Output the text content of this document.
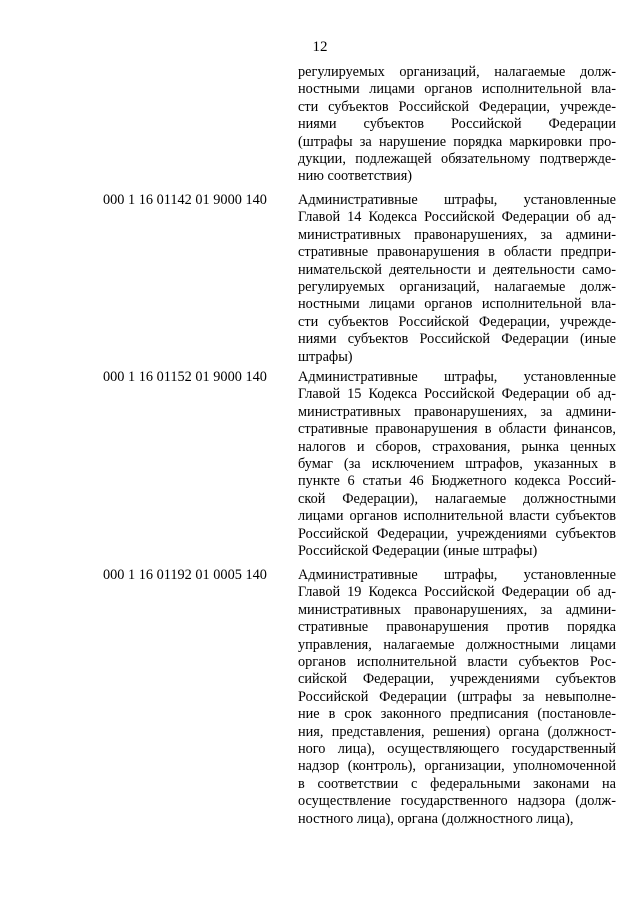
12
регулируемых организаций, налагаемые долж-
ностными лицами органов исполнительной вла-
сти субъектов Российской Федерации, учрежде-
ниями субъектов Российской Федерации
(штрафы за нарушение порядка маркировки про-
дукции, подлежащей обязательному подтвержде-
нию соответствия)
000 1 16 01142 01 9000 140	Административные штрафы, установленные
Главой 14 Кодекса Российской Федерации об ад-
министративных правонарушениях, за админи-
стративные правонарушения в области предпри-
нимательской деятельности и деятельности само-
регулируемых организаций, налагаемые долж-
ностными лицами органов исполнительной вла-
сти субъектов Российской Федерации, учрежде-
ниями субъектов Российской Федерации (иные
штрафы)
000 1 16 01152 01 9000 140	Административные штрафы, установленные
Главой 15 Кодекса Российской Федерации об ад-
министративных правонарушениях, за админи-
стративные правонарушения в области финансов,
налогов и сборов, страхования, рынка ценных
бумаг (за исключением штрафов, указанных в
пункте 6 статьи 46 Бюджетного кодекса Россий-
ской Федерации), налагаемые должностными
лицами органов исполнительной власти субъектов
Российской Федерации, учреждениями субъектов
Российской Федерации (иные штрафы)
000 1 16 01192 01 0005 140	Административные штрафы, установленные
Главой 19 Кодекса Российской Федерации об ад-
министративных правонарушениях, за админи-
стративные правонарушения против порядка
управления, налагаемые должностными лицами
органов исполнительной власти субъектов Рос-
сийской Федерации, учреждениями субъектов
Российской Федерации (штрафы за невыполне-
ние в срок законного предписания (постановле-
ния, представления, решения) органа (должност-
ного лица), осуществляющего государственный
надзор (контроль), организации, уполномоченной
в соответствии с федеральными законами на
осуществление государственного надзора (долж-
ностного лица), органа (должностного лица),
